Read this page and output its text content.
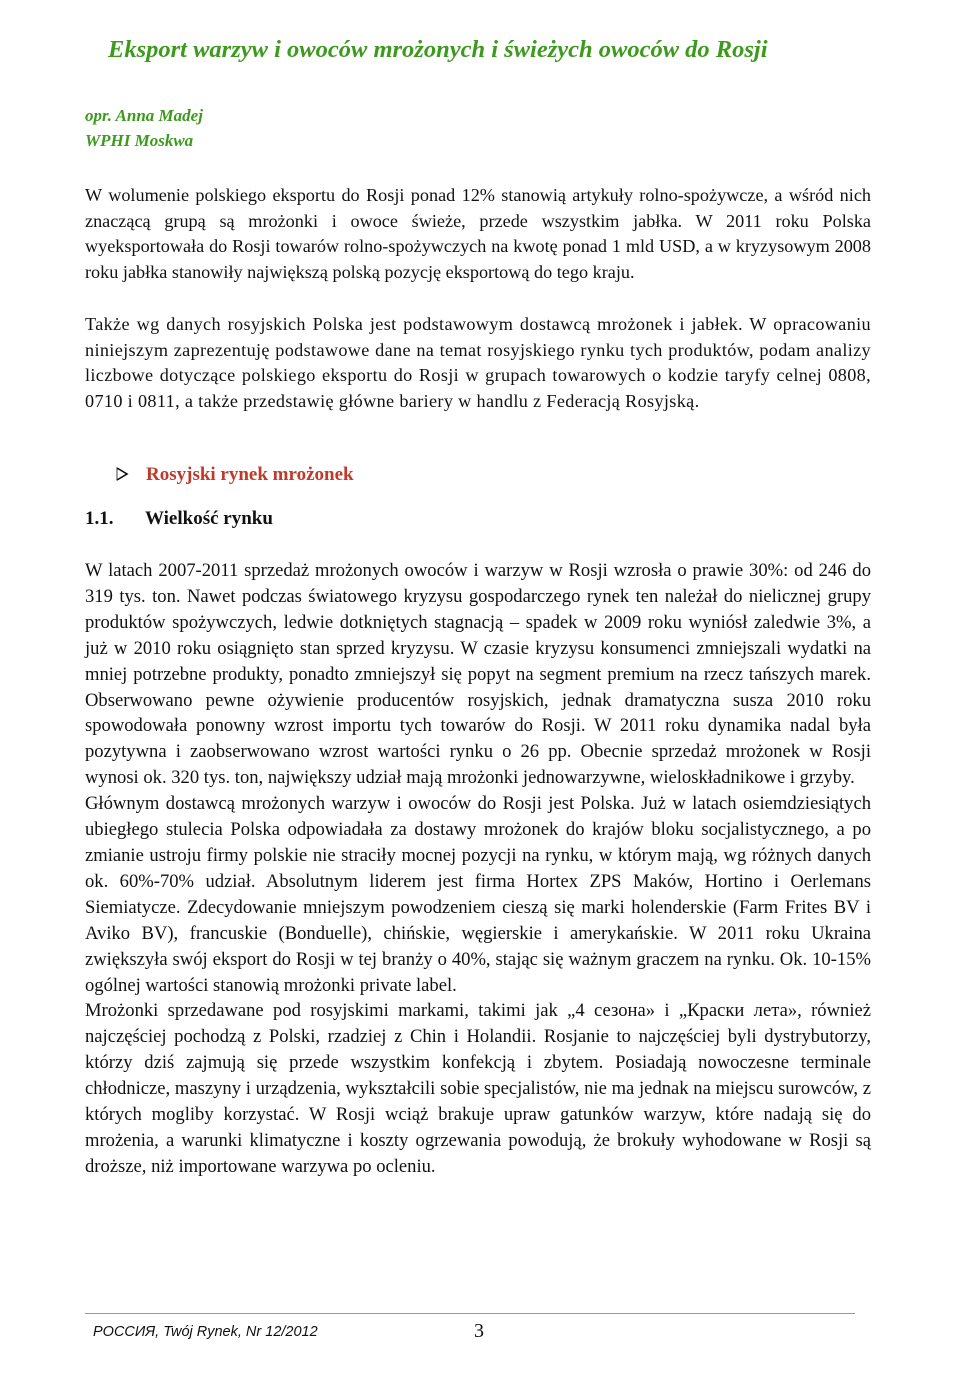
Eksport warzyw i owoców mrożonych i świeżych owoców do Rosji
opr. Anna Madej
WPHI Moskwa

W wolumenie polskiego eksportu do Rosji ponad 12% stanowią artykuły rolno-spożywcze, a wśród nich znaczącą grupą są mrożonki i owoce świeże, przede wszystkim jabłka. W 2011 roku Polska wyeksportowała do Rosji towarów rolno-spożywczych na kwotę ponad 1 mld USD, a w kryzysowym 2008 roku jabłka stanowiły największą polską pozycję eksportową do tego kraju.

Także wg danych rosyjskich Polska jest podstawowym dostawcą mrożonek i jabłek. W opracowaniu niniejszym zaprezentuję podstawowe dane na temat rosyjskiego rynku tych produktów, podam analizy liczbowe dotyczące polskiego eksportu do Rosji w grupach towarowych o kodzie taryfy celnej 0808, 0710 i 0811, a także przedstawię główne bariery w handlu z Federacją Rosyjską.

Rosyjski rynek mrożonek
1.1. Wielkość rynku

W latach 2007-2011 sprzedaż mrożonych owoców i warzyw w Rosji wzrosła o prawie 30%: od 246 do 319 tys. ton. Nawet podczas światowego kryzysu gospodarczego rynek ten należał do nielicznej grupy produktów spożywczych, ledwie dotkniętych stagnacją – spadek w 2009 roku wyniósł zaledwie 3%, a już w 2010 roku osiągnięto stan sprzed kryzysu. W czasie kryzysu konsumenci zmniejszali wydatki na mniej potrzebne produkty, ponadto zmniejszył się popyt na segment premium na rzecz tańszych marek. Obserwowano pewne ożywienie producentów rosyjskich, jednak dramatyczna susza 2010 roku spowodowała ponowny wzrost importu tych towarów do Rosji. W 2011 roku dynamika nadal była pozytywna i zaobserwowano wzrost wartości rynku o 26 pp. Obecnie sprzedaż mrożonek w Rosji wynosi ok. 320 tys. ton, największy udział mają mrożonki jednowarzywne, wieloskładnikowe i grzyby.

Głównym dostawcą mrożonych warzyw i owoców do Rosji jest Polska. Już w latach osiemdziesiątych ubiegłego stulecia Polska odpowiadała za dostawy mrożonek do krajów bloku socjalistycznego, a po zmianie ustroju firmy polskie nie straciły mocnej pozycji na rynku, w którym mają, wg różnych danych ok. 60%-70% udział. Absolutnym liderem jest firma Hortex ZPS Maków, Hortino i Oerlemans Siemiatycze. Zdecydowanie mniejszym powodzeniem cieszą się marki holenderskie (Farm Frites BV i Aviko BV), francuskie (Bonduelle), chińskie, węgierskie i amerykańskie. W 2011 roku Ukraina zwiększyła swój eksport do Rosji w tej branży o 40%, stając się ważnym graczem na rynku. Ok. 10-15% ogólnej wartości stanowią mrożonki private label.

Mrożonki sprzedawane pod rosyjskimi markami, takimi jak „4 сезона» i „Краски лета», również najczęściej pochodzą z Polski, rzadziej z Chin i Holandii. Rosjanie to najczęściej byli dystrybutorzy, którzy dziś zajmują się przede wszystkim konfekcją i zbytem. Posiadają nowoczesne terminale chłodnicze, maszyny i urządzenia, wykształcili sobie specjalistów, nie ma jednak na miejscu surowców, z których mogliby korzystać. W Rosji wciąż brakuje upraw gatunków warzyw, które nadają się do mrożenia, a warunki klimatyczne i koszty ogrzewania powodują, że brokuły wyhodowane w Rosji są droższe, niż importowane warzywa po ocleniu.

РОССИЯ, Twój Rynek, Nr 12/2012	3
